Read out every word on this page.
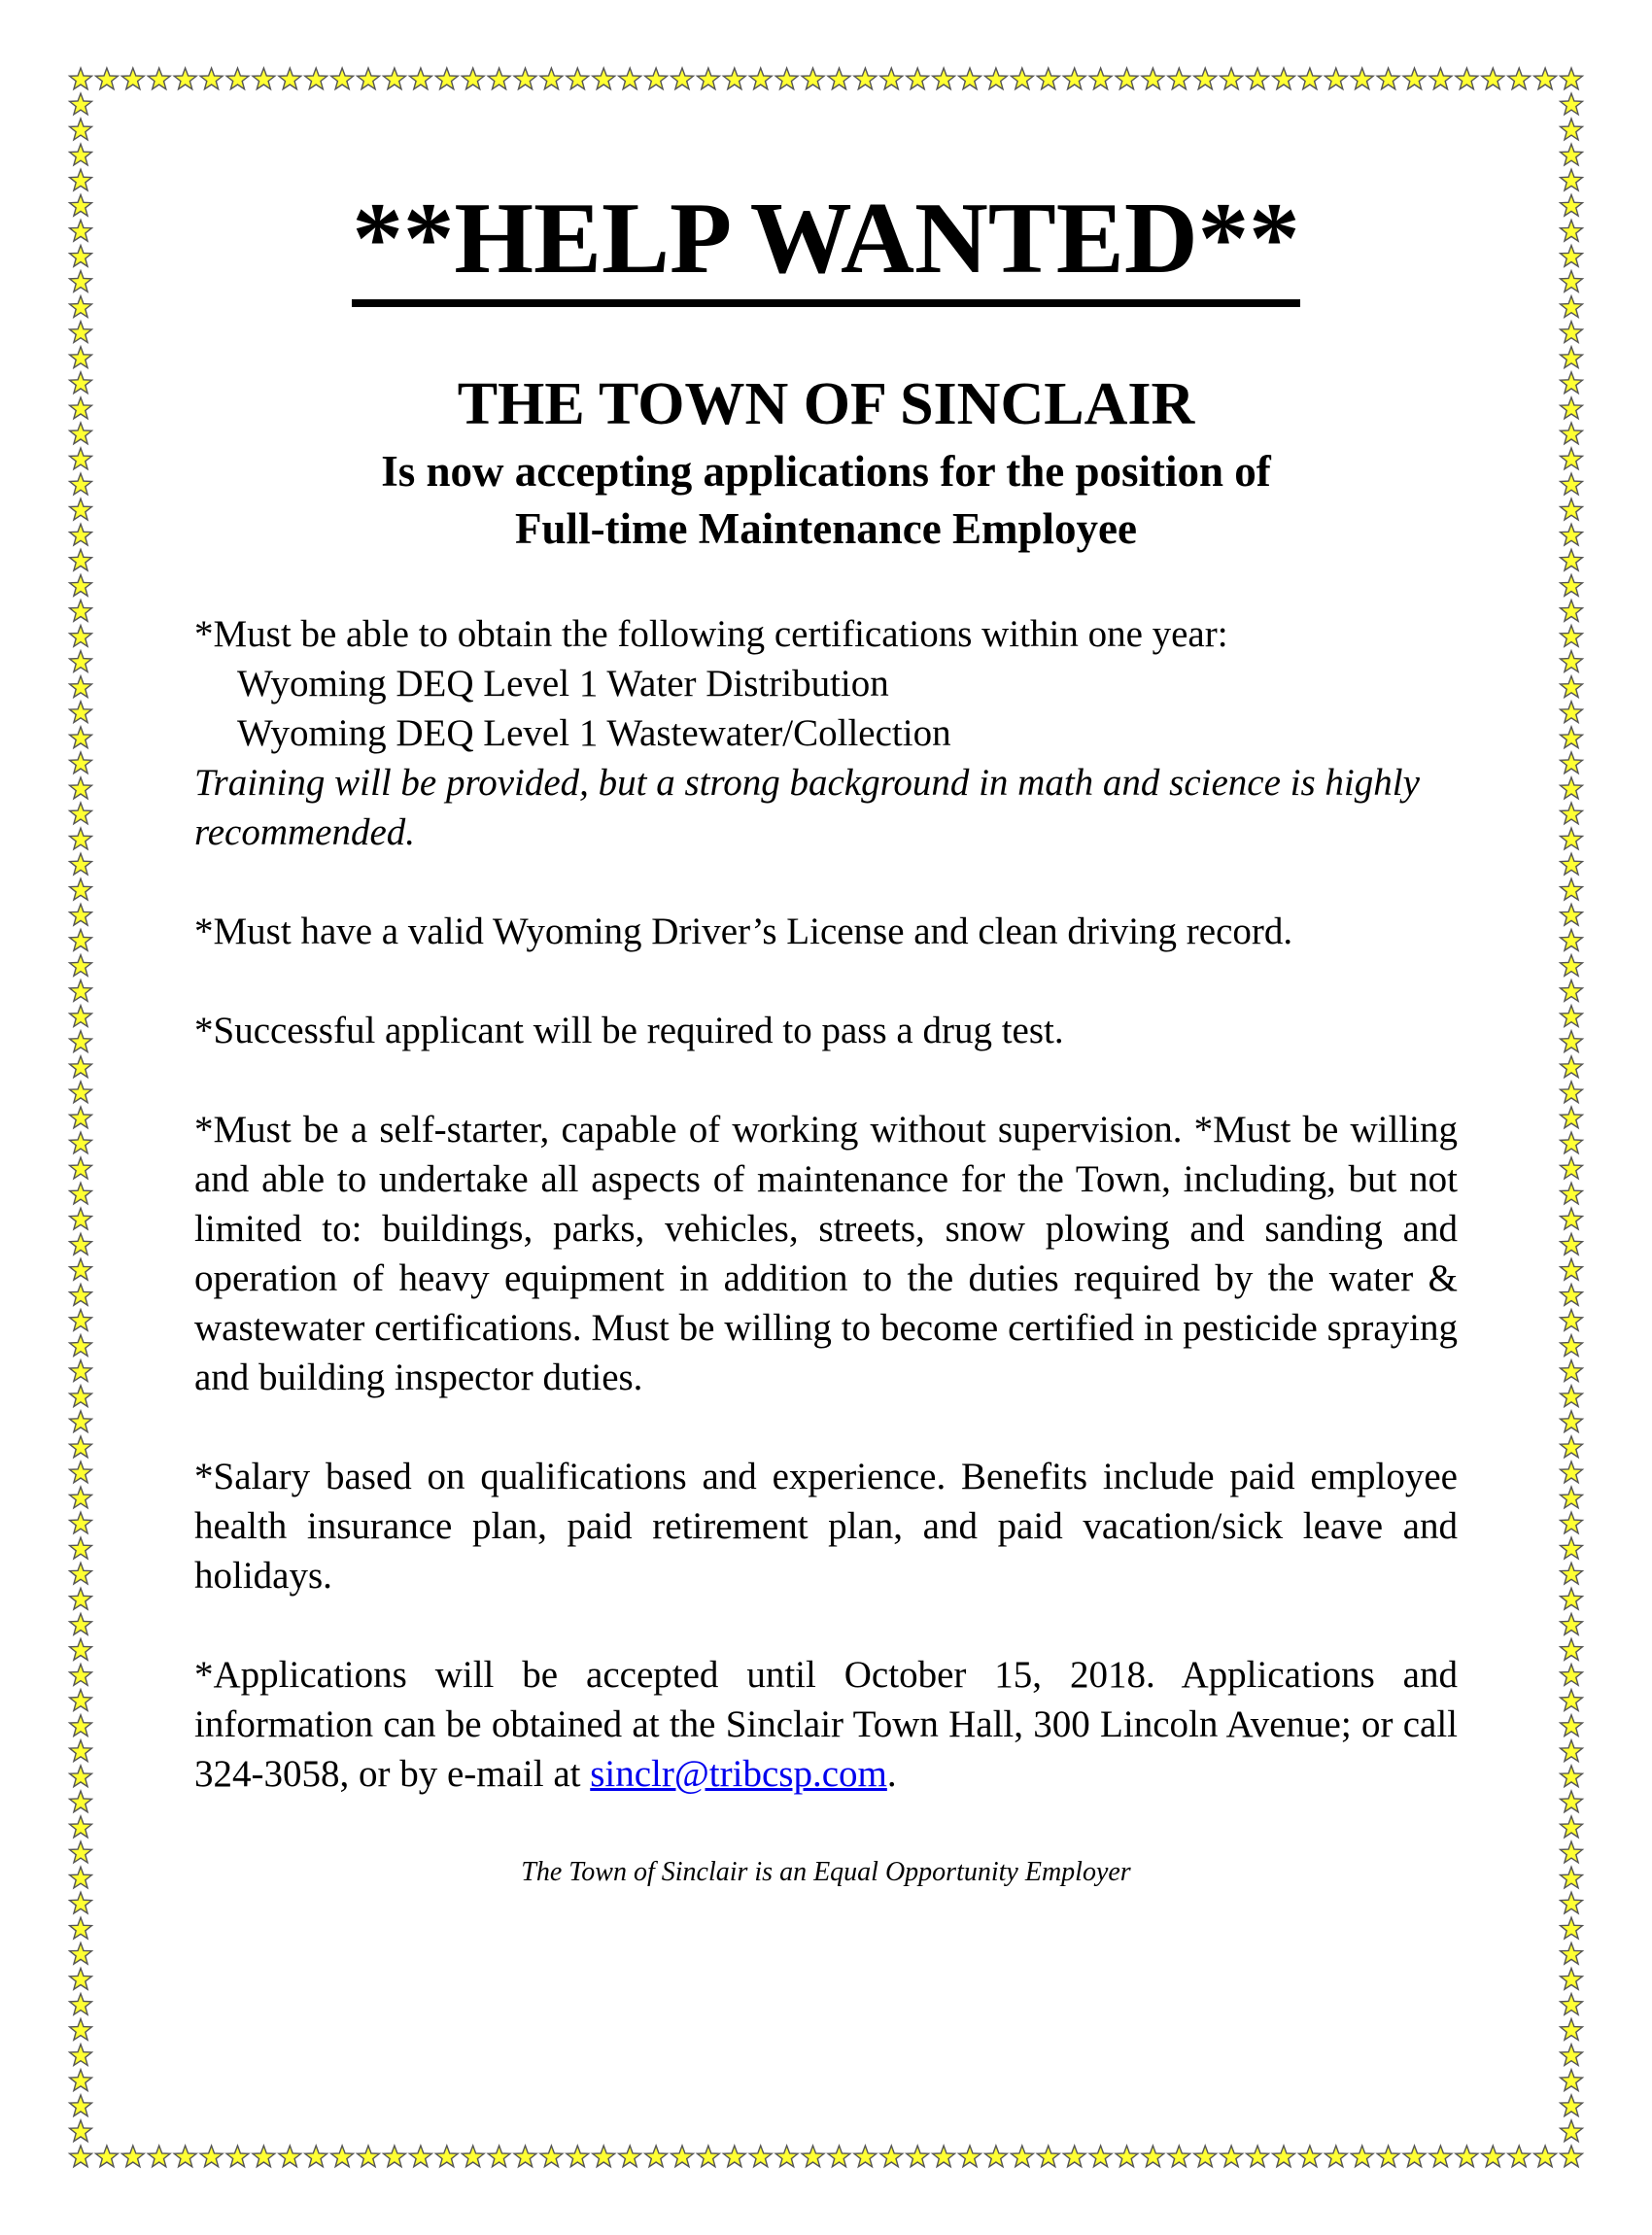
**HELP WANTED**
THE TOWN OF SINCLAIR
Is now accepting applications for the position of
Full-time Maintenance Employee

*Must be able to obtain the following certifications within one year:

Wyoming DEQ Level 1 Water Distribution

Wyoming DEQ Level 1 Wastewater/Collection

Training will be provided, but a strong background in math and science is highly recommended.

*Must have a valid Wyoming Driver’s License and clean driving record.

*Successful applicant will be required to pass a drug test.

*Must be a self-starter, capable of working without supervision. *Must be willing and able to undertake all aspects of maintenance for the Town, including, but not limited to: buildings, parks, vehicles, streets, snow plowing and sanding and operation of heavy equipment in addition to the duties required by the water & wastewater certifications. Must be willing to become certified in pesticide spraying and building inspector duties.

*Salary based on qualifications and experience. Benefits include paid employee health insurance plan, paid retirement plan, and paid vacation/sick leave and holidays.

*Applications will be accepted until October 15, 2018. Applications and information can be obtained at the Sinclair Town Hall, 300 Lincoln Avenue; or call 324-3058, or by e-mail at sinclr@tribcsp.com.

The Town of Sinclair is an Equal Opportunity Employer
